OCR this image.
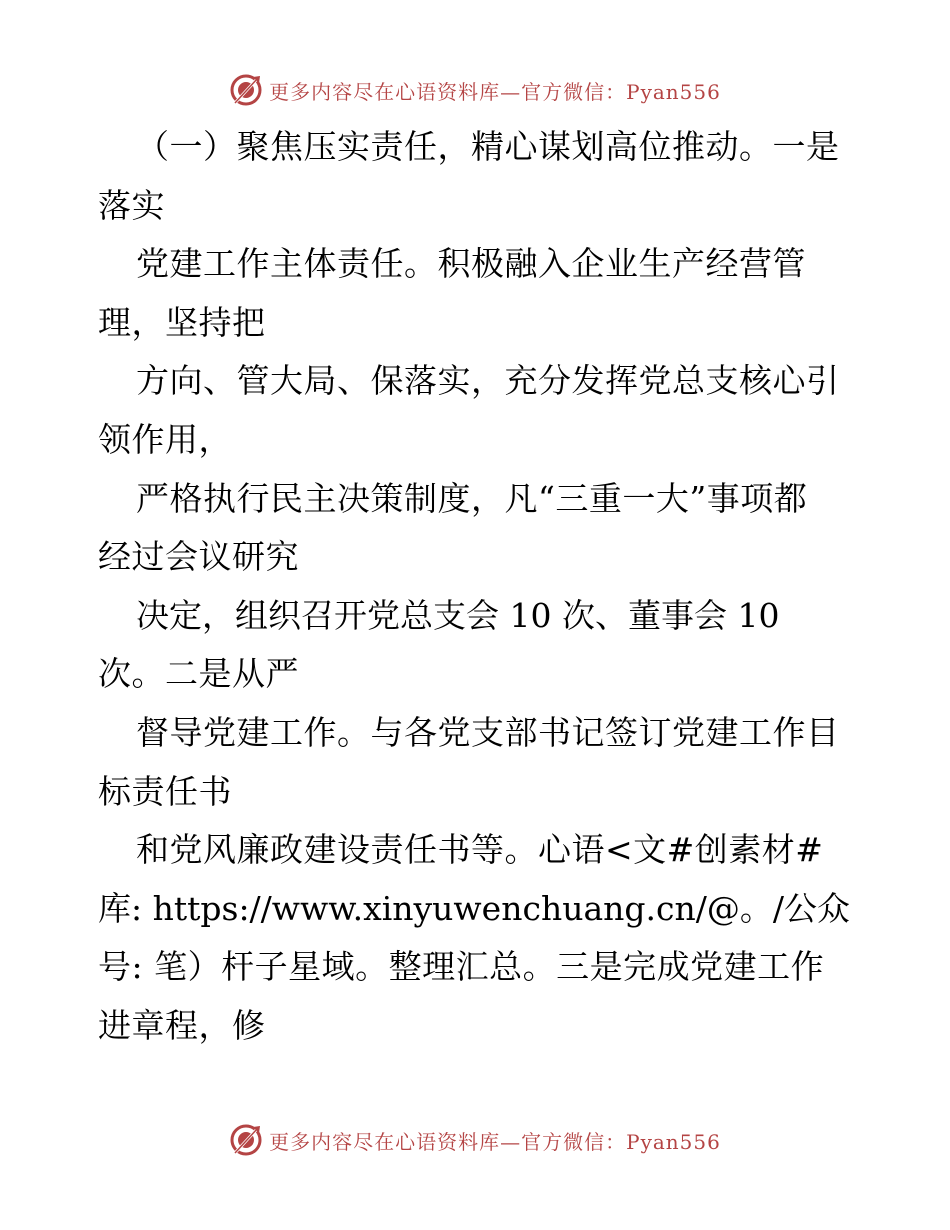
更多内容尽在心语资料库—官方微信：Pyan556
（一）聚焦压实责任，精心谋划高位推动。一是
落实
党建工作主体责任。积极融入企业生产经营管
理，坚持把
方向、管大局、保落实，充分发挥党总支核心引
领作用，
严格执行民主决策制度，凡“三重一大”事项都
经过会议研究
决定，组织召开党总支会 10 次、董事会 10
次。二是从严
督导党建工作。与各党支部书记签订党建工作目
标责任书
和党风廉政建设责任书等。心语<文#创素材#
库: https://www.xinyuwenchuang.cn/@。/公众
号: 笔）杆子星域。整理汇总。三是完成党建工作
进章程，修
更多内容尽在心语资料库—官方微信：Pyan556
